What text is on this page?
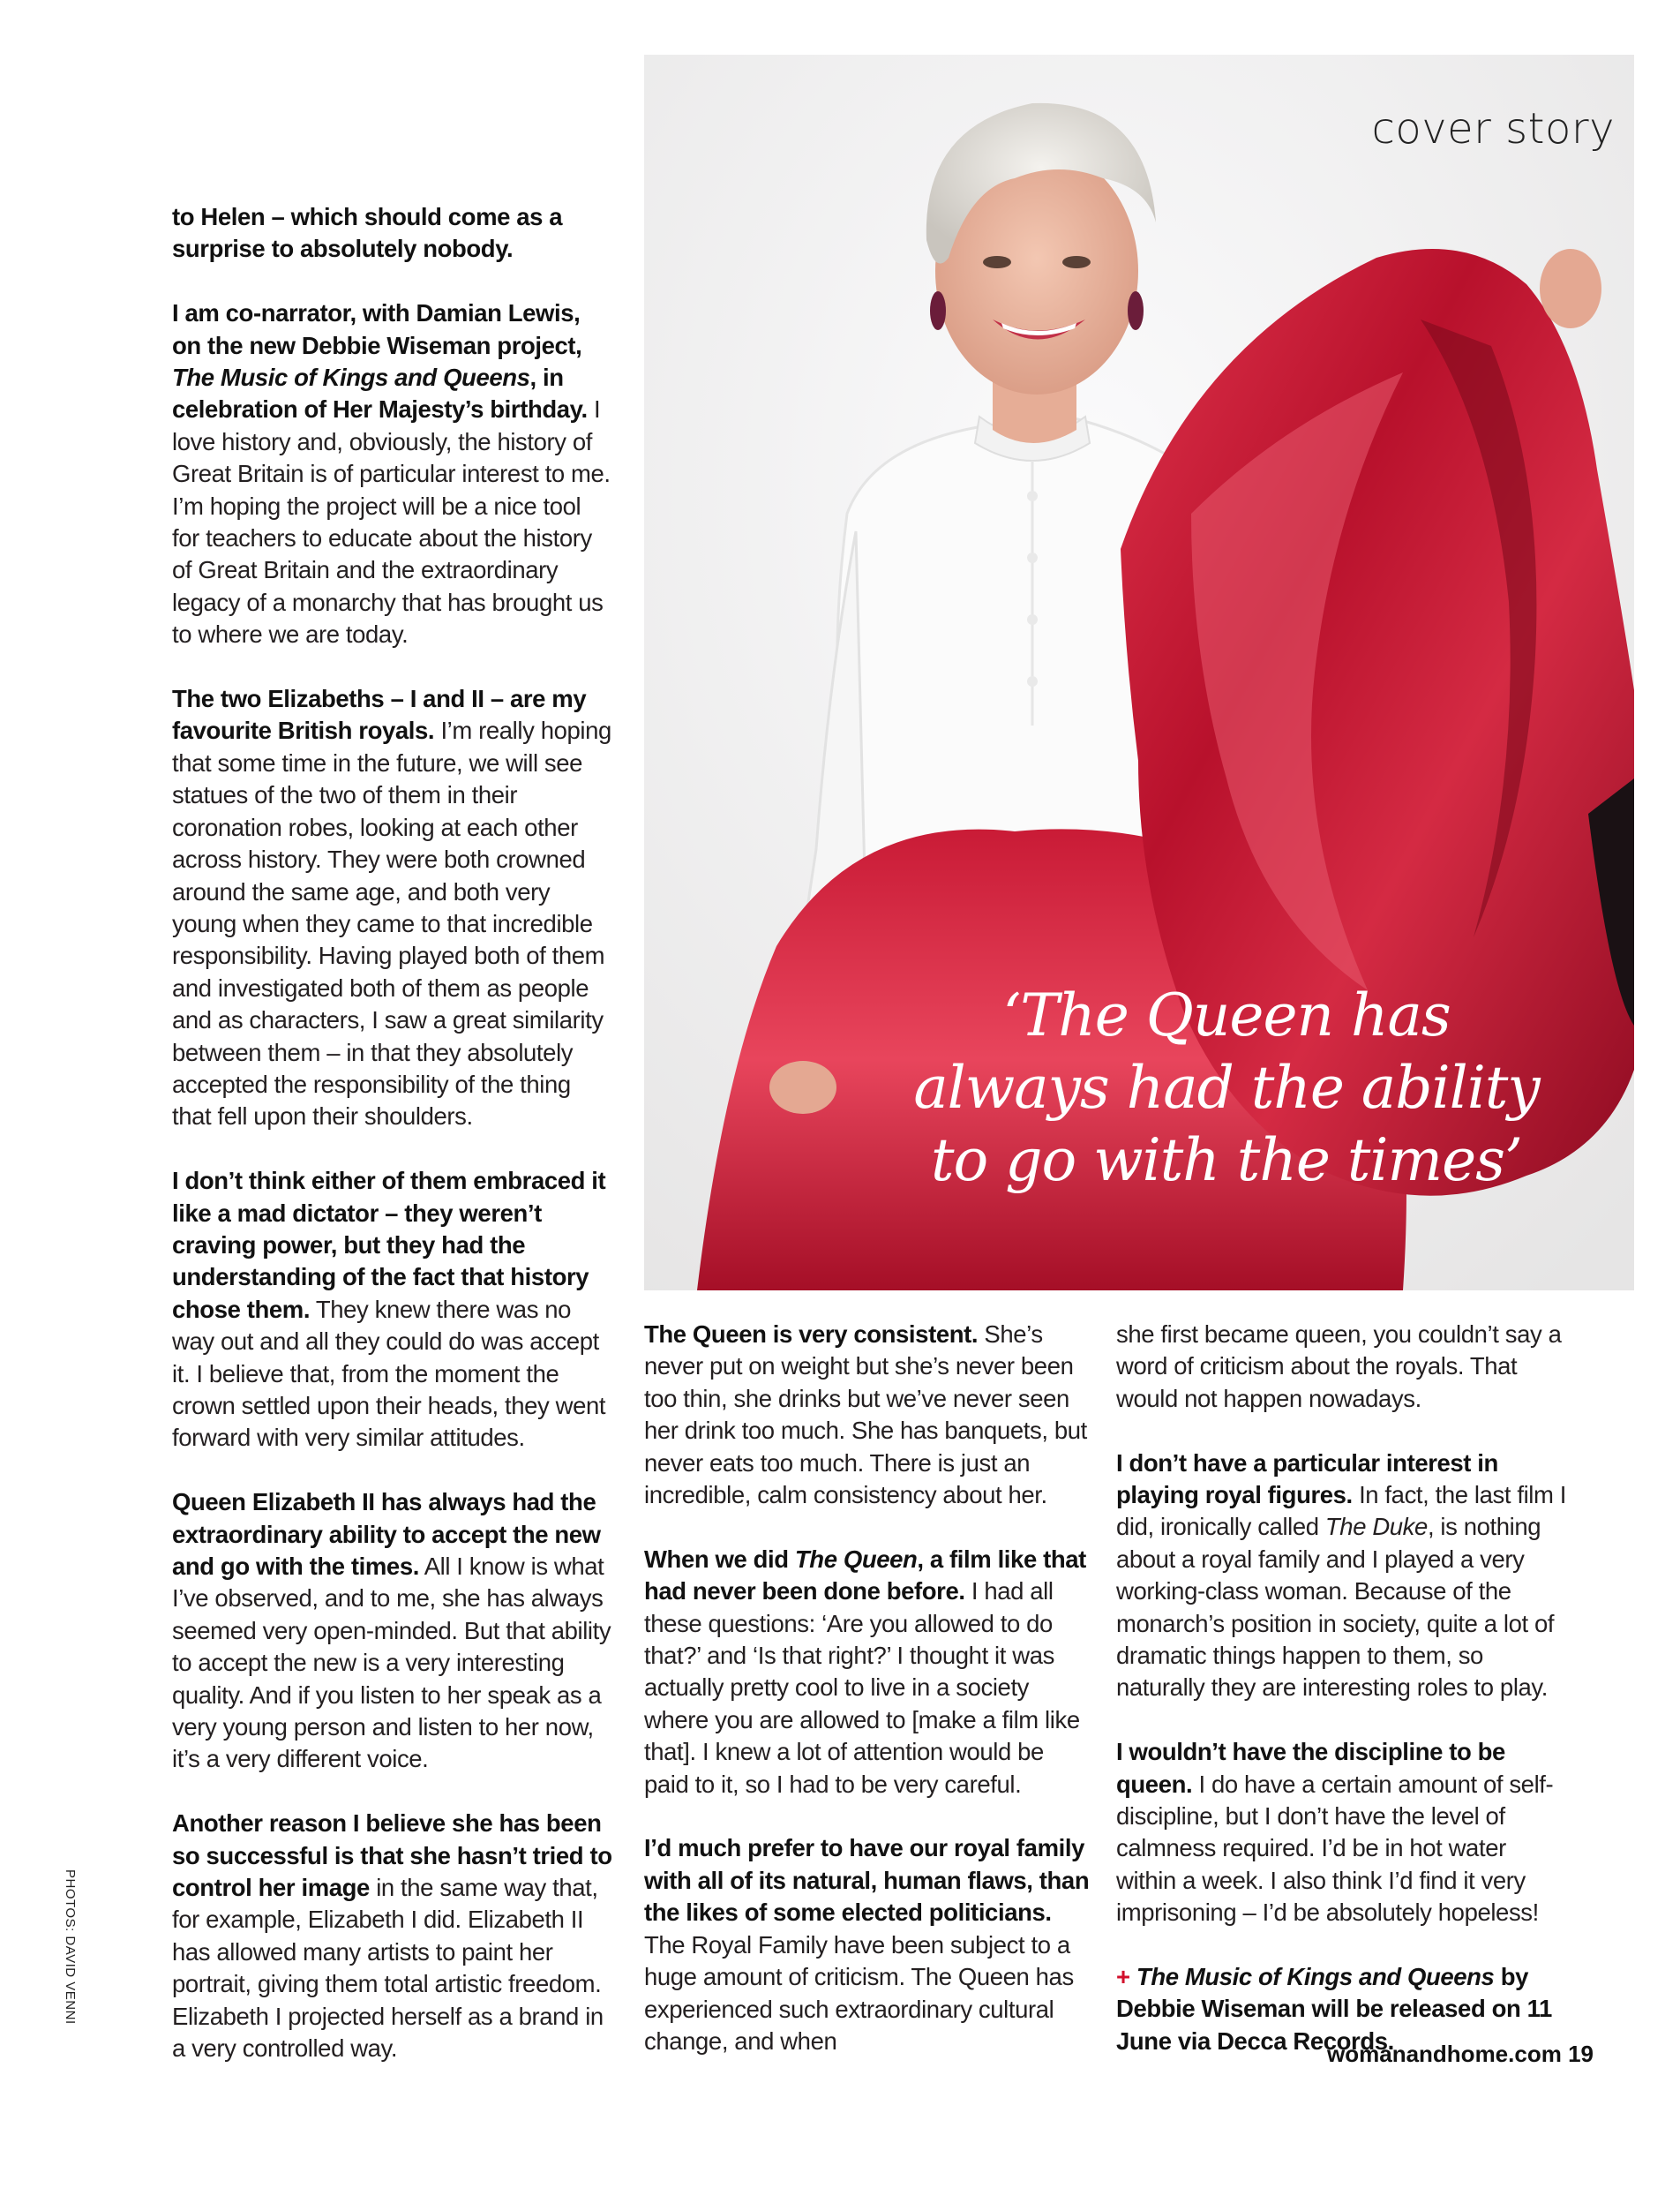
cover story
‘The Queen has
always had the ability
to go with the times’

to Helen – which should come as a surprise to absolutely nobody.

I am co-narrator, with Damian Lewis, on the new Debbie Wiseman project, The Music of Kings and Queens, in celebration of Her Majesty’s birthday. I love history and, obviously, the history of Great Britain is of particular interest to me. I’m hoping the project will be a nice tool for teachers to educate about the history of Great Britain and the extraordinary legacy of a monarchy that has brought us to where we are today.

The two Elizabeths – I and II – are my favourite British royals. I’m really hoping that some time in the future, we will see statues of the two of them in their coronation robes, looking at each other across history. They were both crowned around the same age, and both very young when they came to that incredible responsibility. Having played both of them and investigated both of them as people and as characters, I saw a great similarity between them – in that they absolutely accepted the responsibility of the thing that fell upon their shoulders.

I don’t think either of them embraced it like a mad dictator – they weren’t craving power, but they had the understanding of the fact that history chose them. They knew there was no way out and all they could do was accept it. I believe that, from the moment the crown settled upon their heads, they went forward with very similar attitudes.

Queen Elizabeth II has always had the extraordinary ability to accept the new and go with the times. All I know is what I’ve observed, and to me, she has always seemed very open-minded. But that ability to accept the new is a very interesting quality. And if you listen to her speak as a very young person and listen to her now, it’s a very different voice.

Another reason I believe she has been so successful is that she hasn’t tried to control her image in the same way that, for example, Elizabeth I did. Elizabeth II has allowed many artists to paint her portrait, giving them total artistic freedom. Elizabeth I projected herself as a brand in a very controlled way.

The Queen is very consistent. She’s never put on weight but she’s never been too thin, she drinks but we’ve never seen her drink too much. She has banquets, but never eats too much. There is just an incredible, calm consistency about her.

When we did The Queen, a film like that had never been done before. I had all these questions: ‘Are you allowed to do that?’ and ‘Is that right?’ I thought it was actually pretty cool to live in a society where you are allowed to [make a film like that]. I knew a lot of attention would be paid to it, so I had to be very careful.

I’d much prefer to have our royal family with all of its natural, human flaws, than the likes of some elected politicians. The Royal Family have been subject to a huge amount of criticism. The Queen has experienced such extraordinary cultural change, and when

she first became queen, you couldn’t say a word of criticism about the royals. That would not happen nowadays.

I don’t have a particular interest in playing royal figures. In fact, the last film I did, ironically called The Duke, is nothing about a royal family and I played a very working-class woman. Because of the monarch’s position in society, quite a lot of dramatic things happen to them, so naturally they are interesting roles to play.

I wouldn’t have the discipline to be queen. I do have a certain amount of self-discipline, but I don’t have the level of calmness required. I’d be in hot water within a week. I also think I’d find it very imprisoning – I’d be absolutely hopeless!

+ The Music of Kings and Queens by Debbie Wiseman will be released on 11 June via Decca Records.

PHOTOS: DAVID VENNI
womanandhome.com 19
